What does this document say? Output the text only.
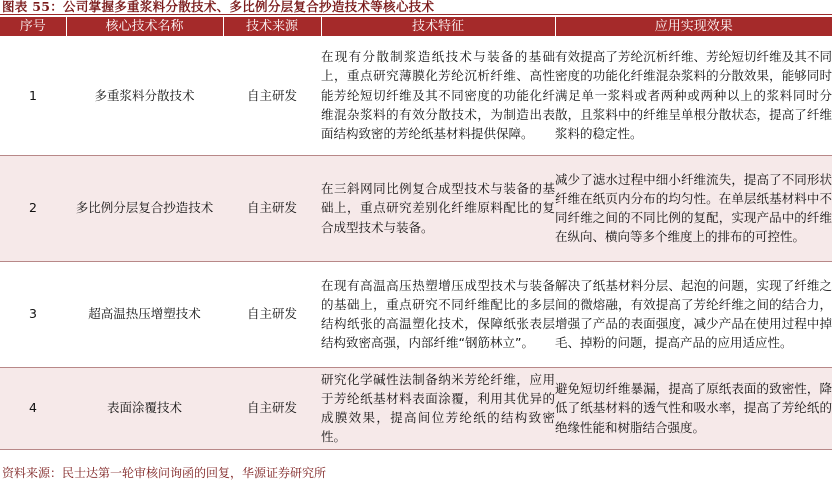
图表 55：公司掌握多重浆料分散技术、多比例分层复合抄造技术等核心技术
序号	核心技术名称	技术来源	技术特征	应用实现效果
1	多重浆料分散技术	自主研发	在现有分散制浆造纸技术与装备的基础上，重点研究薄膜化芳纶沉析纤维、高性能芳纶短切纤维及其不同密度的功能化纤维混杂浆料的有效分散技术，为制造出表面结构致密的芳纶纸基材料提供保障。	有效提高了芳纶沉析纤维、芳纶短切纤维及其不同密度的功能化纤维混杂浆料的分散效果，能够同时满足单一浆料或者两种或两种以上的浆料同时分散，且浆料中的纤维呈单根分散状态，提高了纤维浆料的稳定性。
2	多比例分层复合抄造技术	自主研发	在三斜网同比例复合成型技术与装备的基础上，重点研究差别化纤维原料配比的复合成型技术与装备。	减少了滤水过程中细小纤维流失，提高了不同形状纤维在纸页内分布的均匀性。在单层纸基材料中不同纤维之间的不同比例的复配，实现产品中的纤维在纵向、横向等多个维度上的排布的可控性。
3	超高温热压增塑技术	自主研发	在现有高温高压热塑增压成型技术与装备的基础上，重点研究不同纤维配比的多层结构纸张的高温塑化技术，保障纸张表层结构致密高强，内部纤维“钢筋林立”。	解决了纸基材料分层、起泡的问题，实现了纤维之间的微熔融，有效提高了芳纶纤维之间的结合力，增强了产品的表面强度，减少产品在使用过程中掉毛、掉粉的问题，提高产品的应用适应性。
4	表面涂覆技术	自主研发	研究化学碱性法制备纳米芳纶纤维，应用于芳纶纸基材料表面涂覆，利用其优异的成膜效果，提高间位芳纶纸的结构致密性。	避免短切纤维暴漏，提高了原纸表面的致密性，降低了纸基材料的透气性和吸水率，提高了芳纶纸的绝缘性能和树脂结合强度。
资料来源：民士达第一轮审核问询函的回复，华源证券研究所
